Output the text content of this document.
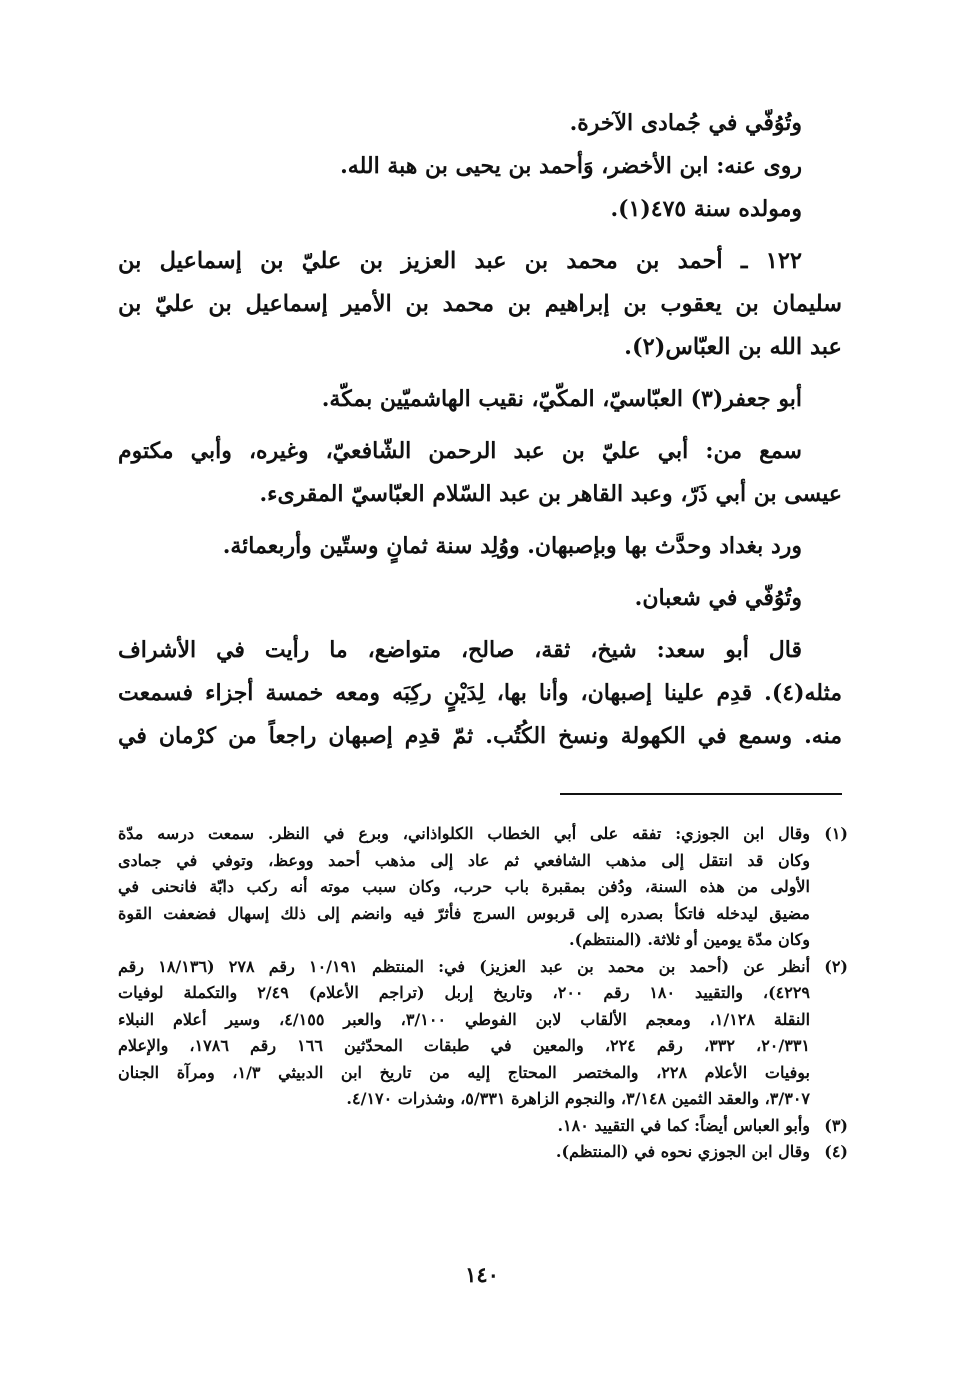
وتُوُفّي في جُمادى الآخرة.
روى عنه: ابن الأخضر، وَأحمد بن يحيى بن هبة الله.
ومولده سنة ٤٧٥(١).
١٢٢ ـ أحمد بن محمد بن عبد العزيز بن عليّ بن إسماعيل بن
سليمان بن يعقوب بن إبراهيم بن محمد بن الأمير إسماعيل بن عليّ بن
عبد الله بن العبّاس(٢).
أبو جعفر(٣) العبّاسيّ، المكّيّ، نقيب الهاشميّين بمكّة.
سمع من: أبي عليّ بن عبد الرحمن الشّافعيّ، وغيره، وأبي مكتوم
عيسى بن أبي ذَرّ، وعبد القاهر بن عبد السّلام العبّاسيّ المقرىء.
ورد بغداد وحدَّث بها وبإصبهان. ووُلِد سنة ثمانٍ وستّين وأربعمائة.
وتُوُفّي في شعبان.
قال أبو سعد: شيخ، ثقة، صالح، متواضع، ما رأيت في الأشراف
مثله(٤). قدِم علينا إصبهان، وأنا بها، لِدَيْنٍ ركِبَه ومعه خمسة أجزاء فسمعت
منه. وسمع في الكهولة ونسخ الكُتُب. ثمّ قدِم إصبهان راجعاً من كرْمان في
(١)
وقال ابن الجوزي: تفقه على أبي الخطاب الكلواذاني، وبرع في النظر. سمعت درسه مدّة
وكان قد انتقل إلى مذهب الشافعي ثم عاد إلى مذهب أحمد ووعظ، وتوفي في جمادى
الأولى من هذه السنة، ودُفن بمقبرة باب حرب، وكان سبب موته أنه ركب دابّة فانحنى في
مضيق ليدخله فاتكأ بصدره إلى قربوس السرج فأثرّ فيه وانضم إلى ذلك إسهال فضعفت القوة
وكان مدّة يومين أو ثلاثة. (المنتظم).
(٢)
أنظر عن (أحمد بن محمد بن عبد العزيز) في: المنتظم ١٠/١٩١ رقم ٢٧٨ (١٨/١٣٦ رقم
٤٢٢٩)، والتقييد ١٨٠ رقم ٢٠٠، وتاريخ إربل (تراجم الأعلام) ٢/٤٩ والتكملة لوفيات
النقلة ١/١٢٨، ومعجم الألقاب لابن الفوطي ٣/١٠٠، والعبر ٤/١٥٥، وسير أعلام النبلاء
٢٠/٣٣١، ٣٣٢، رقم ٢٢٤، والمعين في طبقات المحدّثين ١٦٦ رقم ١٧٨٦، والإعلام
بوفيات الأعلام ٢٢٨، والمختصر المحتاج إليه من تاريخ ابن الدبيثي ١/٣، ومرآة الجنان
٣/٣٠٧، والعقد الثمين ٣/١٤٨، والنجوم الزاهرة ٥/٣٣١، وشذرات ٤/١٧٠.
(٣)
وأبو العباس أيضاً: كما في التقييد ١٨٠.
(٤)
وقال ابن الجوزي نحوه في (المنتظم).
١٤٠
